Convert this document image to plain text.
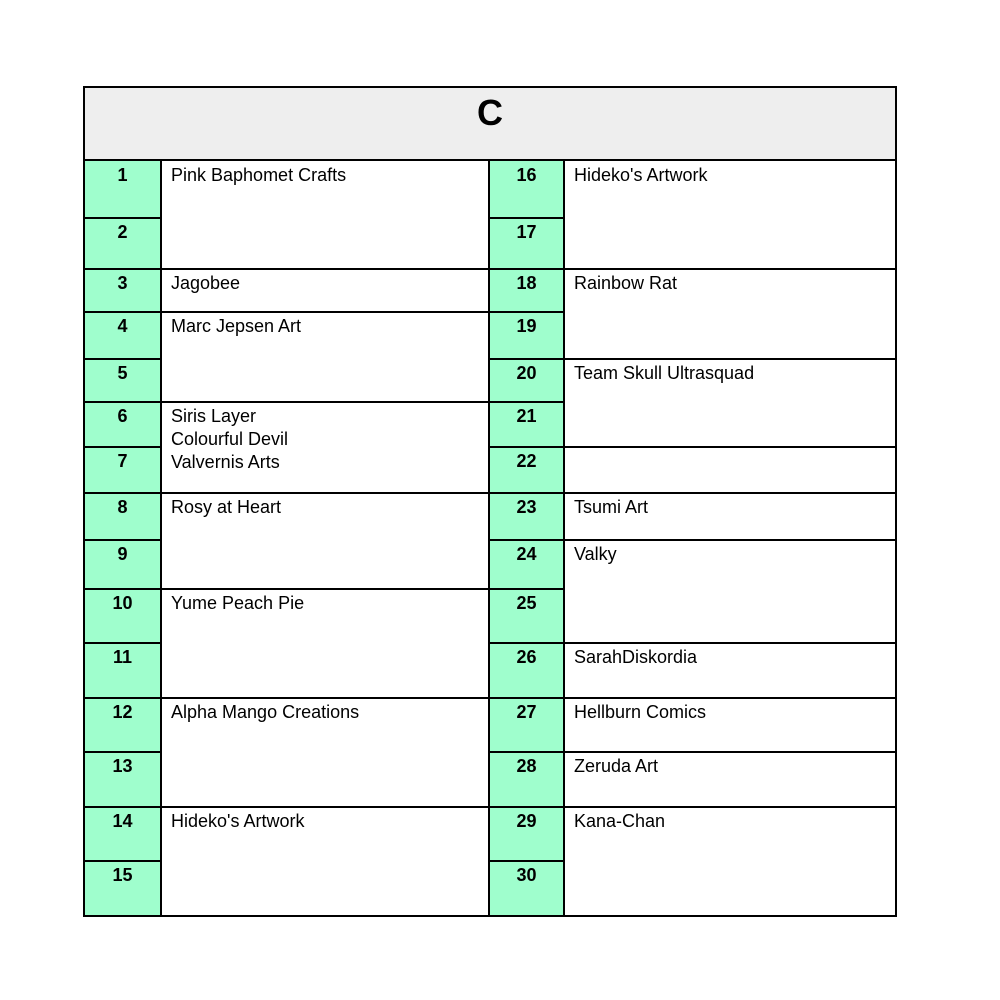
C
1
2
3
4
5
6
7
8
9
10
11
12
13
14
15
Pink Baphomet Crafts
Jagobee
Marc Jepsen Art
Siris Layer
Colourful Devil
Valvernis Arts
Rosy at Heart
Yume Peach Pie
Alpha Mango Creations
Hideko's Artwork
16
17
18
19
20
21
22
23
24
25
26
27
28
29
30
Hideko's Artwork
Rainbow Rat
Team Skull Ultrasquad
Tsumi Art
Valky
SarahDiskordia
Hellburn Comics
Zeruda Art
Kana-Chan
